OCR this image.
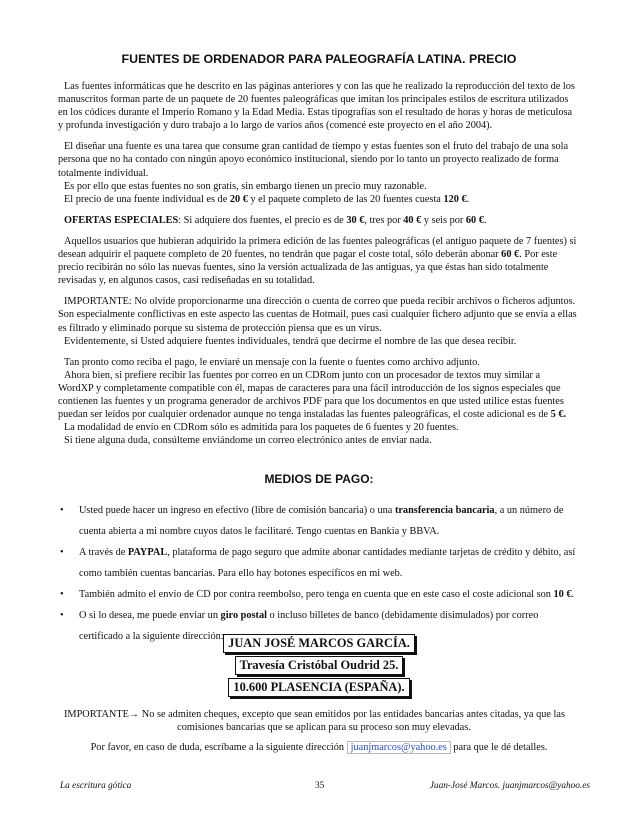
FUENTES DE ORDENADOR PARA PALEOGRAFÍA LATINA. PRECIO

Las fuentes informáticas que he descrito en las páginas anteriores y con las que he realizado la reproducción del texto de los
manuscritos forman parte de un paquete de 20 fuentes paleográficas que imitan los principales estilos de escritura utilizados
en los códices durante el Imperio Romano y la Edad Media. Estas tipografías son el resultado de horas y horas de meticulosa
y profunda investigación y duro trabajo a lo largo de varios años (comencé este proyecto en el año 2004).

El diseñar una fuente es una tarea que consume gran cantidad de tiempo y estas fuentes son el fruto del trabajo de una sola
persona que no ha contado con ningún apoyo económico institucional, siendo por lo tanto un proyecto realizado de forma
totalmente individual.
Es por ello que estas fuentes no son gratis, sin embargo tienen un precio muy razonable.
El precio de una fuente individual es de 20 € y el paquete completo de las 20 fuentes cuesta 120 €.

OFERTAS ESPECIALES: Si adquiere dos fuentes, el precio es de 30 €, tres por 40 € y seis por 60 €.

Aquellos usuarios que hubieran adquirido la primera edición de las fuentes paleográficas (el antiguo paquete de 7 fuentes) si
desean adquirir el paquete completo de 20 fuentes, no tendrán que pagar el coste total, sólo deberán abonar 60 €. Por este
precio recibirán no sólo las nuevas fuentes, sino la versión actualizada de las antiguas, ya que éstas han sido totalmente
revisadas y, en algunos casos, casi rediseñadas en su totalidad.

IMPORTANTE: No olvide proporcionarme una dirección o cuenta de correo que pueda recibir archivos o ficheros adjuntos.
Son especialmente conflictivas en este aspecto las cuentas de Hotmail, pues casi cualquier fichero adjunto que se envía a ellas
es filtrado y eliminado porque su sistema de protección piensa que es un virus.
Evidentemente, si Usted adquiere fuentes individuales, tendrá que decirme el nombre de las que desea recibir.

Tan pronto como reciba el pago, le enviaré un mensaje con la fuente o fuentes como archivo adjunto.
Ahora bien, si prefiere recibir las fuentes por correo en un CDRom junto con un procesador de textos muy similar a
WordXP y completamente compatible con él, mapas de caracteres para una fácil introducción de los signos especiales que
contienen las fuentes y un programa generador de archivos PDF para que los documentos en que usted utilice estas fuentes
puedan ser leídos por cualquier ordenador aunque no tenga instaladas las fuentes paleográficas, el coste adicional es de 5 €.
La modalidad de envío en CDRom sólo es admitida para los paquetes de 6 fuentes y 20 fuentes.
Si tiene alguna duda, consúlteme enviándome un correo electrónico antes de enviar nada.

MEDIOS DE PAGO:
• Usted puede hacer un ingreso en efectivo (libre de comisión bancaria) o una transferencia bancaria, a un número de
cuenta abierta a mi nombre cuyos datos le facilitaré. Tengo cuentas en Bankia y BBVA.
• A través de PAYPAL, plataforma de pago seguro que admite abonar cantidades mediante tarjetas de crédito y débito, así
como también cuentas bancarias. Para ello hay botones específicos en mi web.
• También admito el envío de CD por contra reembolso, pero tenga en cuenta que en este caso el coste adicional son 10 €.
• O si lo desea, me puede enviar un giro postal o incluso billetes de banco (debidamente disimulados) por correo
certificado a la siguiente dirección: JUAN JOSÉ MARCOS GARCÍA.
Travesía Cristóbal Oudrid 25.
10.600 PLASENCIA (ESPAÑA).
IMPORTANTE→ No se admiten cheques, excepto que sean emitidos por las entidades bancarias antes citadas, ya que las
comisiones bancarias que se aplican para su proceso son muy elevadas.
Por favor, en caso de duda, escríbame a la siguiente dirección juanjmarcos@yahoo.es para que le dé detalles.
La escritura gótica	35	Juan-José Marcos. juanjmarcos@yahoo.es
